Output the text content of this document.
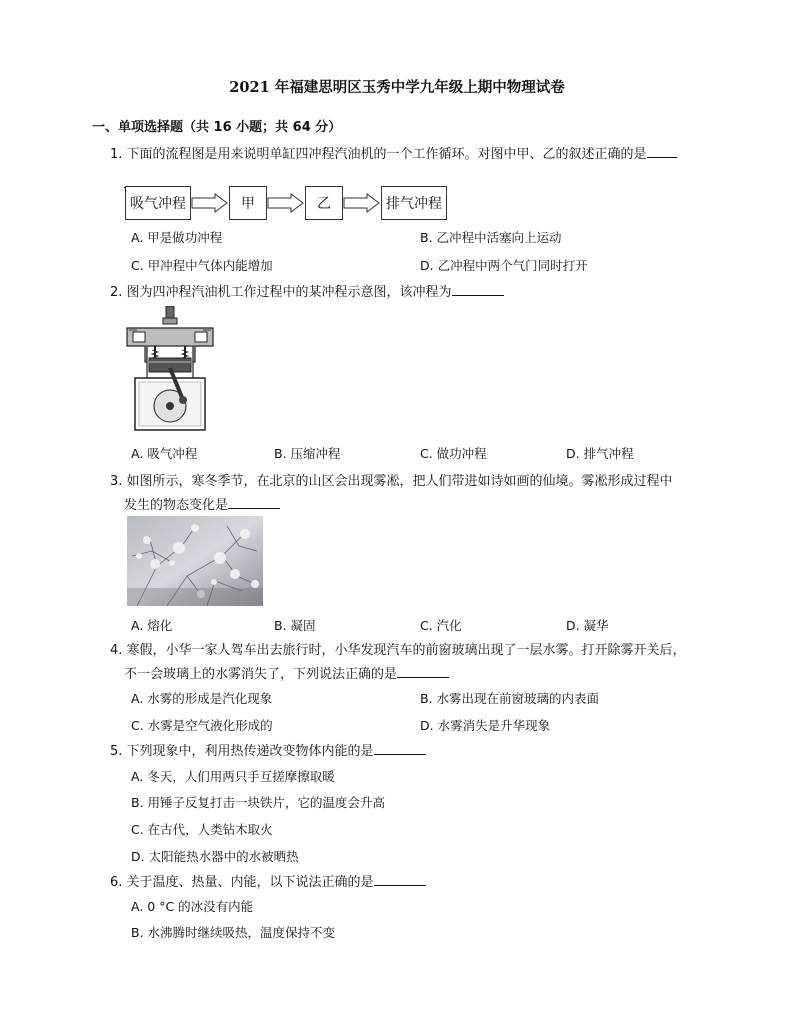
2021 年福建思明区玉秀中学九年级上期中物理试卷
一、单项选择题（共 16 小题；共 64 分）
1. 下面的流程图是用来说明单缸四冲程汽油机的一个工作循环。对图中甲、乙的叙述正确的是
吸气冲程	甲	乙	排气冲程
A. 甲是做功冲程	B. 乙冲程中活塞向上运动
C. 甲冲程中气体内能增加	D. 乙冲程中两个气门同时打开
2. 图为四冲程汽油机工作过程中的某冲程示意图，该冲程为
A. 吸气冲程	B. 压缩冲程	C. 做功冲程	D. 排气冲程
3. 如图所示，寒冬季节，在北京的山区会出现雾凇，把人们带进如诗如画的仙境。雾凇形成过程中
发生的物态变化是
A. 熔化	B. 凝固	C. 汽化	D. 凝华
4. 寒假，小华一家人驾车出去旅行时，小华发现汽车的前窗玻璃出现了一层水雾。打开除雾开关后，
不一会玻璃上的水雾消失了，下列说法正确的是
A. 水雾的形成是汽化现象	B. 水雾出现在前窗玻璃的内表面
C. 水雾是空气液化形成的	D. 水雾消失是升华现象
5. 下列现象中，利用热传递改变物体内能的是
A. 冬天，人们用两只手互搓摩擦取暖
B. 用锤子反复打击一块铁片，它的温度会升高
C. 在古代，人类钻木取火
D. 太阳能热水器中的水被晒热
6. 关于温度、热量、内能，以下说法正确的是
A. 0 °C 的冰没有内能
B. 水沸腾时继续吸热，温度保持不变
